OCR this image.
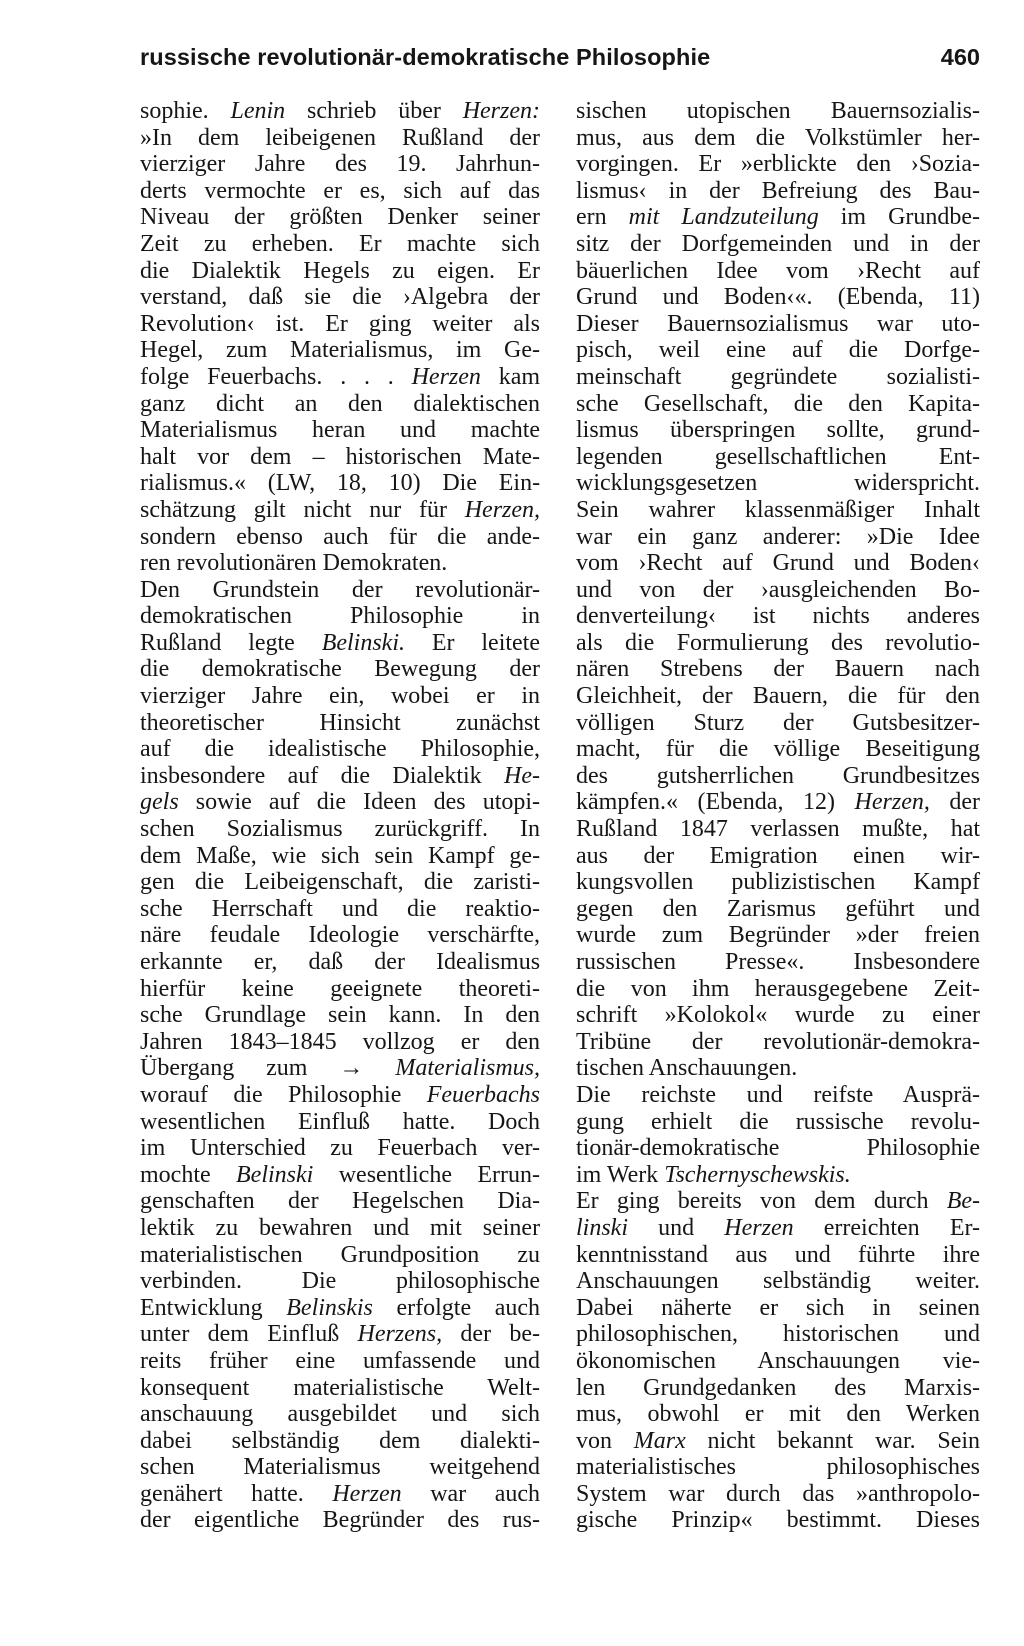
russische revolutionär-demokratische Philosophie	460
sophie. Lenin schrieb über Herzen:
»In dem leibeigenen Rußland der
vierziger Jahre des 19. Jahrhun-
derts vermochte er es, sich auf das
Niveau der größten Denker seiner
Zeit zu erheben. Er machte sich
die Dialektik Hegels zu eigen. Er
verstand, daß sie die ›Algebra der
Revolution‹ ist. Er ging weiter als
Hegel, zum Materialismus, im Ge-
folge Feuerbachs. . . . Herzen kam
ganz dicht an den dialektischen
Materialismus heran und machte
halt vor dem – historischen Mate-
rialismus.« (LW, 18, 10) Die Ein-
schätzung gilt nicht nur für Herzen,
sondern ebenso auch für die ande-
ren revolutionären Demokraten.
Den Grundstein der revolutionär-
demokratischen Philosophie in
Rußland legte Belinski. Er leitete
die demokratische Bewegung der
vierziger Jahre ein, wobei er in
theoretischer Hinsicht zunächst
auf die idealistische Philosophie,
insbesondere auf die Dialektik He-
gels sowie auf die Ideen des utopi-
schen Sozialismus zurückgriff. In
dem Maße, wie sich sein Kampf ge-
gen die Leibeigenschaft, die zaristi-
sche Herrschaft und die reaktio-
näre feudale Ideologie verschärfte,
erkannte er, daß der Idealismus
hierfür keine geeignete theoreti-
sche Grundlage sein kann. In den
Jahren 1843–1845 vollzog er den
Übergang zum → Materialismus,
worauf die Philosophie Feuerbachs
wesentlichen Einfluß hatte. Doch
im Unterschied zu Feuerbach ver-
mochte Belinski wesentliche Errun-
genschaften der Hegelschen Dia-
lektik zu bewahren und mit seiner
materialistischen Grundposition zu
verbinden. Die philosophische
Entwicklung Belinskis erfolgte auch
unter dem Einfluß Herzens, der be-
reits früher eine umfassende und
konsequent materialistische Welt-
anschauung ausgebildet und sich
dabei selbständig dem dialekti-
schen Materialismus weitgehend
genähert hatte. Herzen war auch
der eigentliche Begründer des rus-
sischen utopischen Bauernsozialis-
mus, aus dem die Volkstümler her-
vorgingen. Er »erblickte den ›Sozia-
lismus‹ in der Befreiung des Bau-
ern mit Landzuteilung im Grundbe-
sitz der Dorfgemeinden und in der
bäuerlichen Idee vom ›Recht auf
Grund und Boden‹«. (Ebenda, 11)
Dieser Bauernsozialismus war uto-
pisch, weil eine auf die Dorfge-
meinschaft gegründete sozialisti-
sche Gesellschaft, die den Kapita-
lismus überspringen sollte, grund-
legenden gesellschaftlichen Ent-
wicklungsgesetzen	widerspricht.
Sein wahrer klassenmäßiger Inhalt
war ein ganz anderer: »Die Idee
vom ›Recht auf Grund und Boden‹
und von der ›ausgleichenden Bo-
denverteilung‹ ist nichts anderes
als die Formulierung des revolutio-
nären Strebens der Bauern nach
Gleichheit, der Bauern, die für den
völligen Sturz der Gutsbesitzer-
macht, für die völlige Beseitigung
des gutsherrlichen Grundbesitzes
kämpfen.« (Ebenda, 12) Herzen, der
Rußland 1847 verlassen mußte, hat
aus der Emigration einen wir-
kungsvollen publizistischen Kampf
gegen den Zarismus geführt und
wurde zum Begründer »der freien
russischen Presse«. Insbesondere
die von ihm herausgegebene Zeit-
schrift »Kolokol« wurde zu einer
Tribüne der revolutionär-demokra-
tischen Anschauungen.
Die reichste und reifste Ausprä-
gung erhielt die russische revolu-
tionär-demokratische	Philosophie
im Werk Tschernyschewskis.
Er ging bereits von dem durch Be-
linski und Herzen erreichten Er-
kenntnisstand aus und führte ihre
Anschauungen selbständig weiter.
Dabei näherte er sich in seinen
philosophischen, historischen und
ökonomischen Anschauungen vie-
len Grundgedanken des Marxis-
mus, obwohl er mit den Werken
von Marx nicht bekannt war. Sein
materialistisches	philosophisches
System war durch das »anthropolo-
gische Prinzip« bestimmt. Dieses
